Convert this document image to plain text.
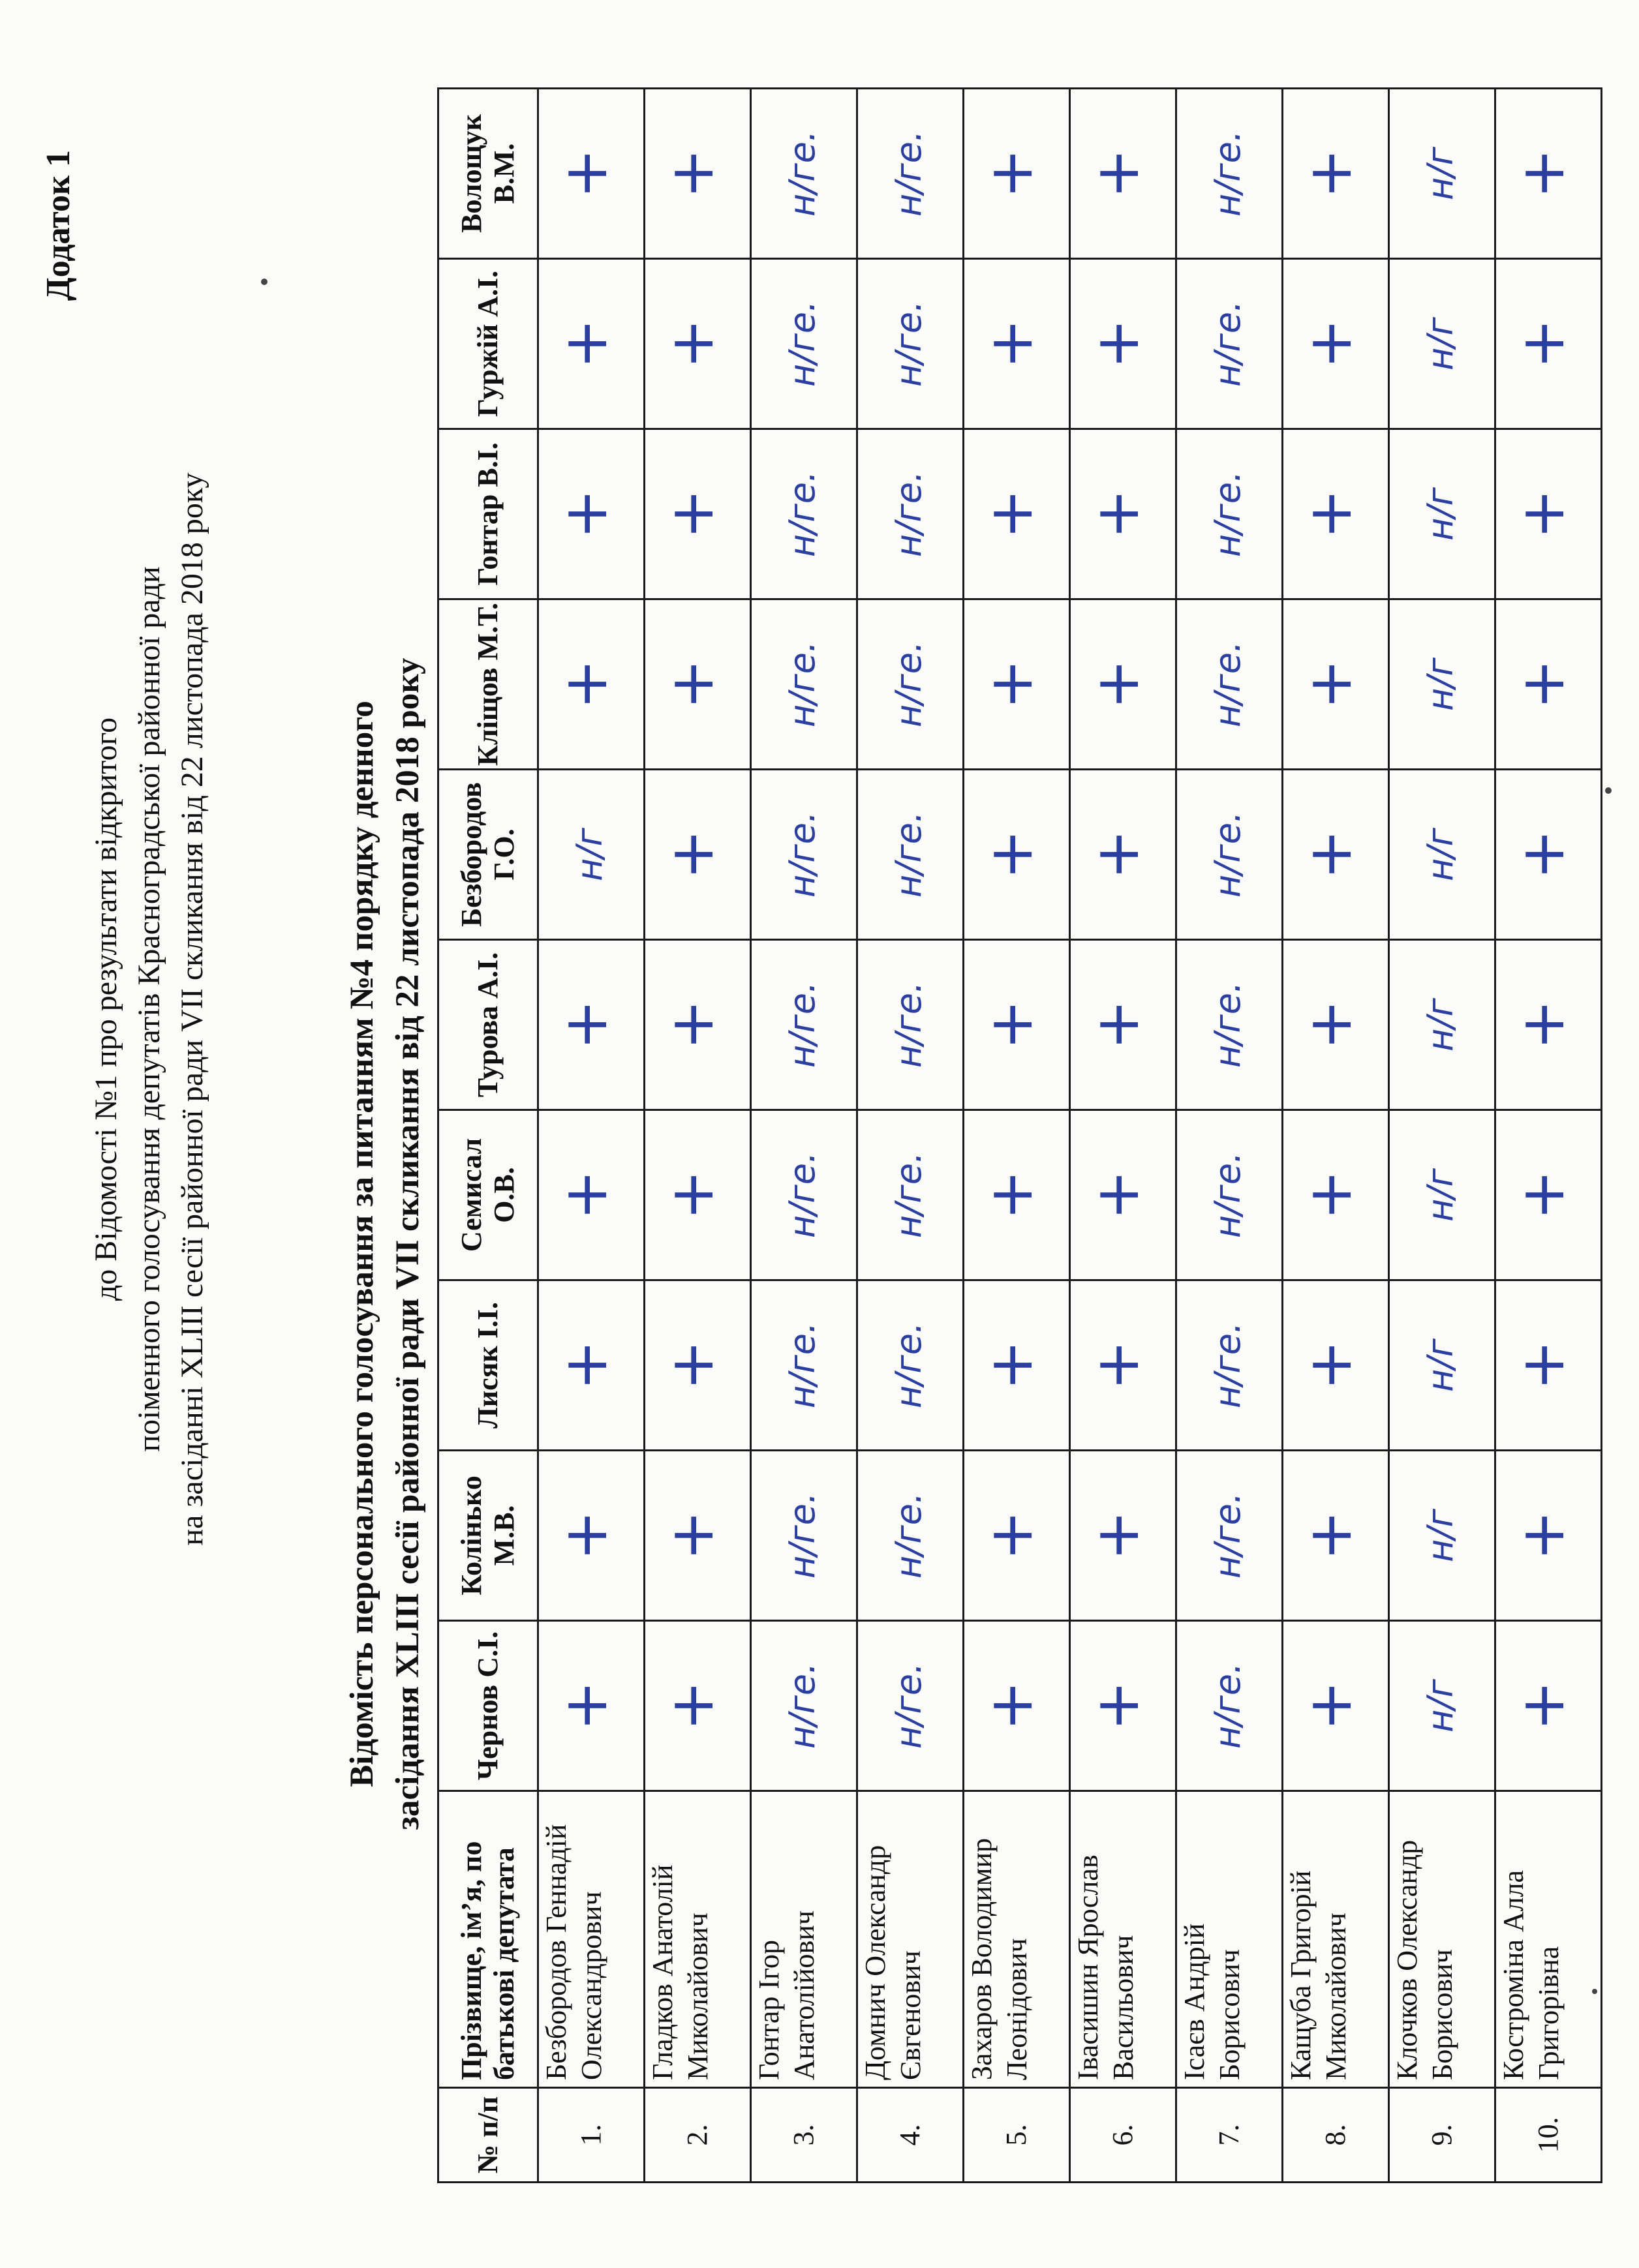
Додаток 1
до Відомості №1 про результати відкритого поіменного голосування депутатів Красноградської районної ради на засіданні XLIII сесії районної ради VII скликання від 22 листопада 2018 року	Відомість персонального голосування за питанням №4 порядку денного засідання XLIII сесії районної ради VII скликання від 22 листопада 2018 року
№ п/п	Прізвище, ім’я, по батькові депутата	Чернов С.І.	Колінько М.В.	Лисяк І.І.	Семисал О.В.	Турова А.І.	Безбородов Г.О.	Кліщов М.Т.	Гонтар В.І.	Гуржій А.І.	Волощук В.М.
1.	Безбородов Геннадій Олександрович	+	+	+	+	+	н/г	+	+	+	+
2.	Гладков Анатолій Миколайович	+	+	+	+	+	+	+	+	+	+
3.	Гонтар Ігор Анатолійович	н/ге.	н/ге.	н/ге.	н/ге.	н/ге.	н/ге.	н/ге.	н/ге.	н/ге.	н/ге.
4.	Домнич Олександр Євгенович	н/ге.	н/ге.	н/ге.	н/ге.	н/ге.	н/ге.	н/ге.	н/ге.	н/ге.	н/ге.
5.	Захаров Володимир Леонідович	+	+	+	+	+	+	+	+	+	+
6.	Івасишин Ярослав Васильович	+	+	+	+	+	+	+	+	+	+
7.	Ісаєв Андрій Борисович	н/ге.	н/ге.	н/ге.	н/ге.	н/ге.	н/ге.	н/ге.	н/ге.	н/ге.	н/ге.
8.	Кащуба Григорій Миколайович	+	+	+	+	+	+	+	+	+	+
9.	Клочков Олександр Борисович	н/г	н/г	н/г	н/г	н/г	н/г	н/г	н/г	н/г	н/г
10.	Костроміна Алла Григорівна	+	+	+	+	+	+	+	+	+	+
